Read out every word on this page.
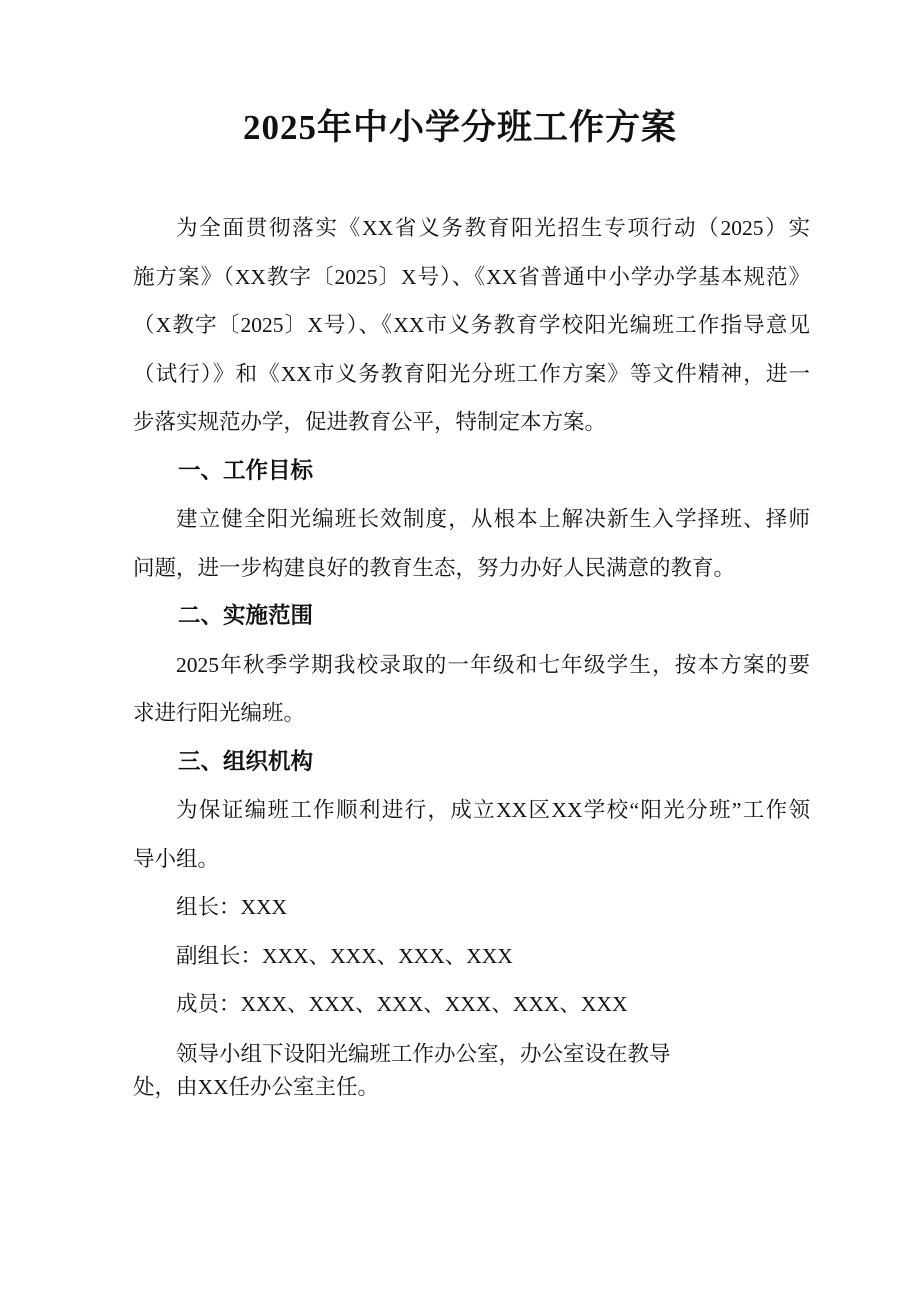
2025年中小学分班工作方案
为全面贯彻落实《XX省义务教育阳光招生专项行动（2025）实
施方案》（XX教字〔2025〕X号）、《XX省普通中小学办学基本规范》
（X教字〔2025〕X号）、《XX市义务教育学校阳光编班工作指导意见
（试行）》和《XX市义务教育阳光分班工作方案》等文件精神，进一
步落实规范办学，促进教育公平，特制定本方案。
一、工作目标
建立健全阳光编班长效制度，从根本上解决新生入学择班、择师
问题，进一步构建良好的教育生态，努力办好人民满意的教育。
二、实施范围
2025年秋季学期我校录取的一年级和七年级学生，按本方案的要
求进行阳光编班。
三、组织机构
为保证编班工作顺利进行，成立XX区XX学校“阳光分班”工作领
导小组。
组长：XXX
副组长：XXX、XXX、XXX、XXX
成员：XXX、XXX、XXX、XXX、XXX、XXX
领导小组下设阳光编班工作办公室，办公室设在教导
处，由XX任办公室主任。
